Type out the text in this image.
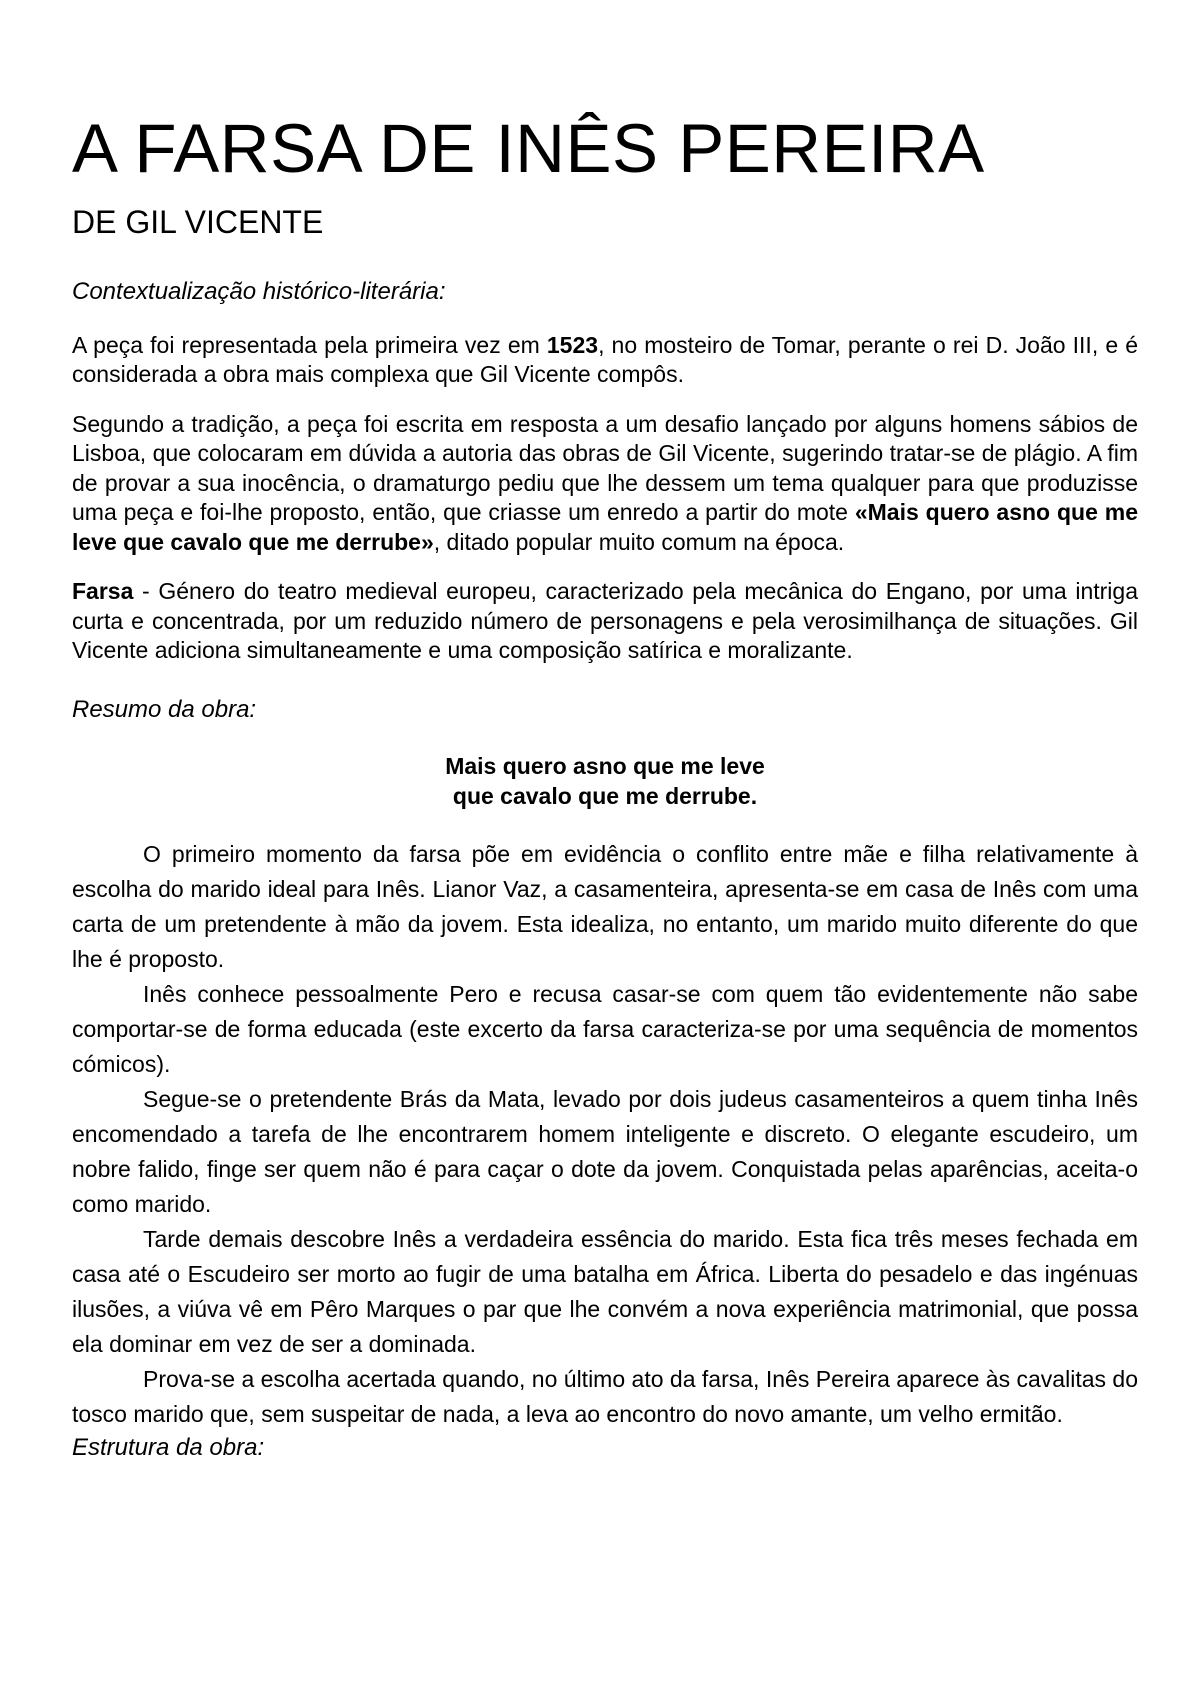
A FARSA DE INÊS PEREIRA
DE GIL VICENTE
Contextualização histórico-literária:

A peça foi representada pela primeira vez em 1523, no mosteiro de Tomar, perante o rei D. João III, e é considerada a obra mais complexa que Gil Vicente compôs.

Segundo a tradição, a peça foi escrita em resposta a um desafio lançado por alguns homens sábios de Lisboa, que colocaram em dúvida a autoria das obras de Gil Vicente, sugerindo tratar-se de plágio. A fim de provar a sua inocência, o dramaturgo pediu que lhe dessem um tema qualquer para que produzisse uma peça e foi-lhe proposto, então, que criasse um enredo a partir do mote «Mais quero asno que me leve que cavalo que me derrube», ditado popular muito comum na época.

Farsa - Género do teatro medieval europeu, caracterizado pela mecânica do Engano, por uma intriga curta e concentrada, por um reduzido número de personagens e pela verosimilhança de situações. Gil Vicente adiciona simultaneamente e uma composição satírica e moralizante.

Resumo da obra:
Mais quero asno que me leve
que cavalo que me derrube.

O primeiro momento da farsa põe em evidência o conflito entre mãe e filha relativamente à escolha do marido ideal para Inês. Lianor Vaz, a casamenteira, apresenta-se em casa de Inês com uma carta de um pretendente à mão da jovem. Esta idealiza, no entanto, um marido muito diferente do que lhe é proposto.

Inês conhece pessoalmente Pero e recusa casar-se com quem tão evidentemente não sabe comportar-se de forma educada (este excerto da farsa caracteriza-se por uma sequência de momentos cómicos).

Segue-se o pretendente Brás da Mata, levado por dois judeus casamenteiros a quem tinha Inês encomendado a tarefa de lhe encontrarem homem inteligente e discreto. O elegante escudeiro, um nobre falido, finge ser quem não é para caçar o dote da jovem. Conquistada pelas aparências, aceita-o como marido.

Tarde demais descobre Inês a verdadeira essência do marido. Esta fica três meses fechada em casa até o Escudeiro ser morto ao fugir de uma batalha em África. Liberta do pesadelo e das ingénuas ilusões, a viúva vê em Pêro Marques o par que lhe convém a nova experiência matrimonial, que possa ela dominar em vez de ser a dominada.

Prova-se a escolha acertada quando, no último ato da farsa, Inês Pereira aparece às cavalitas do tosco marido que, sem suspeitar de nada, a leva ao encontro do novo amante, um velho ermitão.

Estrutura da obra:
